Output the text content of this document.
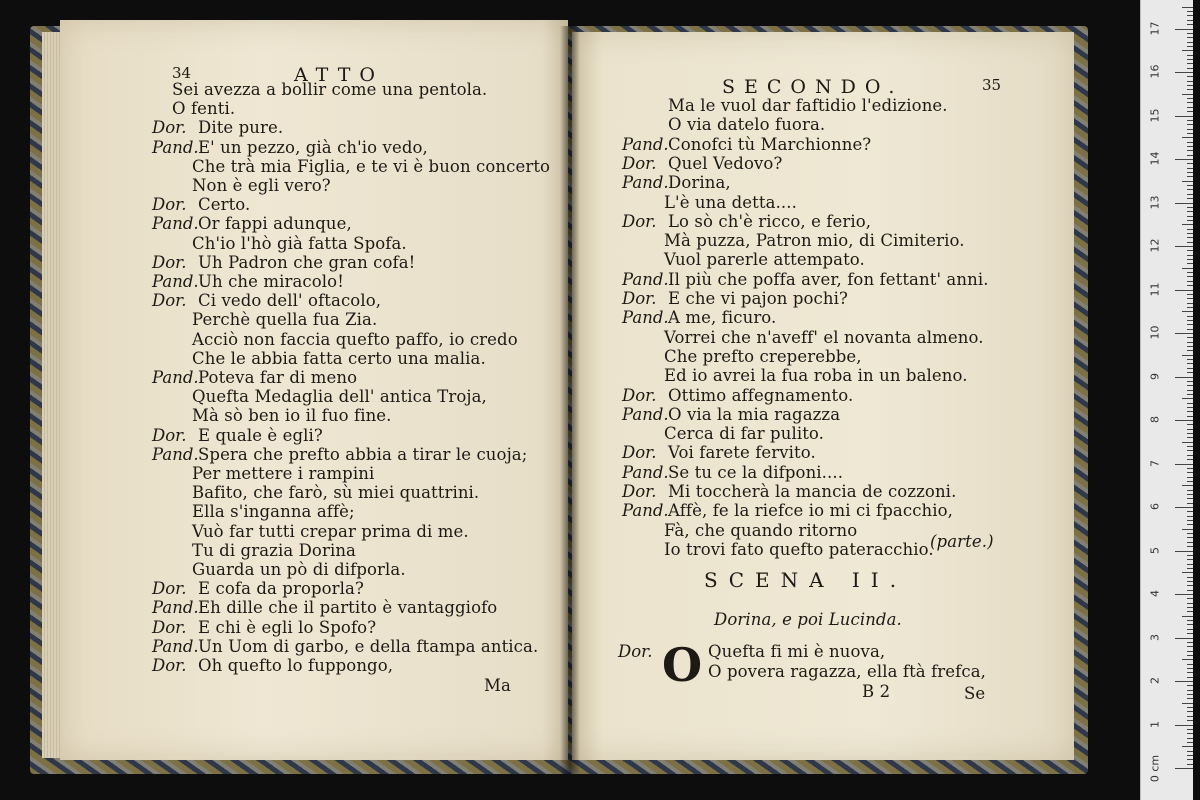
34	ATTO
Sei avezza a bollir come una pentola.
O fenti.
Dor. Dite pure.
Pand. E' un pezzo, già ch'io vedo,
Che trà mia Figlia, e te vi è buon concerto
Non è egli vero?
Dor. Certo.
Pand. Or fappi adunque,
Ch'io l'hò già fatta Spofa.
Dor. Uh Padron che gran cofa!
Pand. Uh che miracolo!
Dor. Ci vedo dell' oftacolo,
Perchè quella fua Zia.
Acciò non faccia quefto paffo, io credo
Che le abbia fatta certo una malia.
Pand. Poteva far di meno
Quefta Medaglia dell' antica Troja,
Mà sò ben io il fuo fine.
Dor. E quale è egli?
Pand. Spera che prefto abbia a tirar le cuoja;
Per mettere i rampini
Bafito, che farò, sù miei quattrini.
Ella s'inganna affè;
Vuò far tutti crepar prima di me.
Tu di grazia Dorina
Guarda un pò di difporla.
Dor. E cofa da proporla?
Pand. Eh dille che il partito è vantaggiofo
Dor. E chi è egli lo Spofo?
Pand. Un Uom di garbo, e della ftampa antica.
Dor. Oh quefto lo fuppongo,
Ma
SECONDO.	35
Ma le vuol dar faftidio l'edizione.
O via datelo fuora.
Pand. Conofci tù Marchionne?
Dor. Quel Vedovo?
Pand. Dorina,
L'è una detta....
Dor. Lo sò ch'è ricco, e ferio,
Mà puzza, Patron mio, di Cimiterio.
Vuol parerle attempato.
Pand. Il più che poffa aver, fon fettant' anni.
Dor. E che vi pajon pochi?
Pand. A me, ficuro.
Vorrei che n'aveff' el novanta almeno.
Che prefto creperebbe,
Ed io avrei la fua roba in un baleno.
Dor. Ottimo affegnamento.
Pand. O via la mia ragazza
Cerca di far pulito.
Dor. Voi farete fervito.
Pand. Se tu ce la difponi....
Dor. Mi toccherà la mancia de cozzoni.
Pand. Affè, fe la riefce io mi ci fpacchio,
Fà, che quando ritorno
Io trovi fato quefto pateracchio.
(parte.)
SCENA II.
Dorina, e poi Lucinda.
Dor. O Quefta fi mi è nuova,
O povera ragazza, ella ftà frefca,
B 2	Se
0 cm
17
16
15
14
13
12
11
10
9
8
7
6
5
4
3
2
1
